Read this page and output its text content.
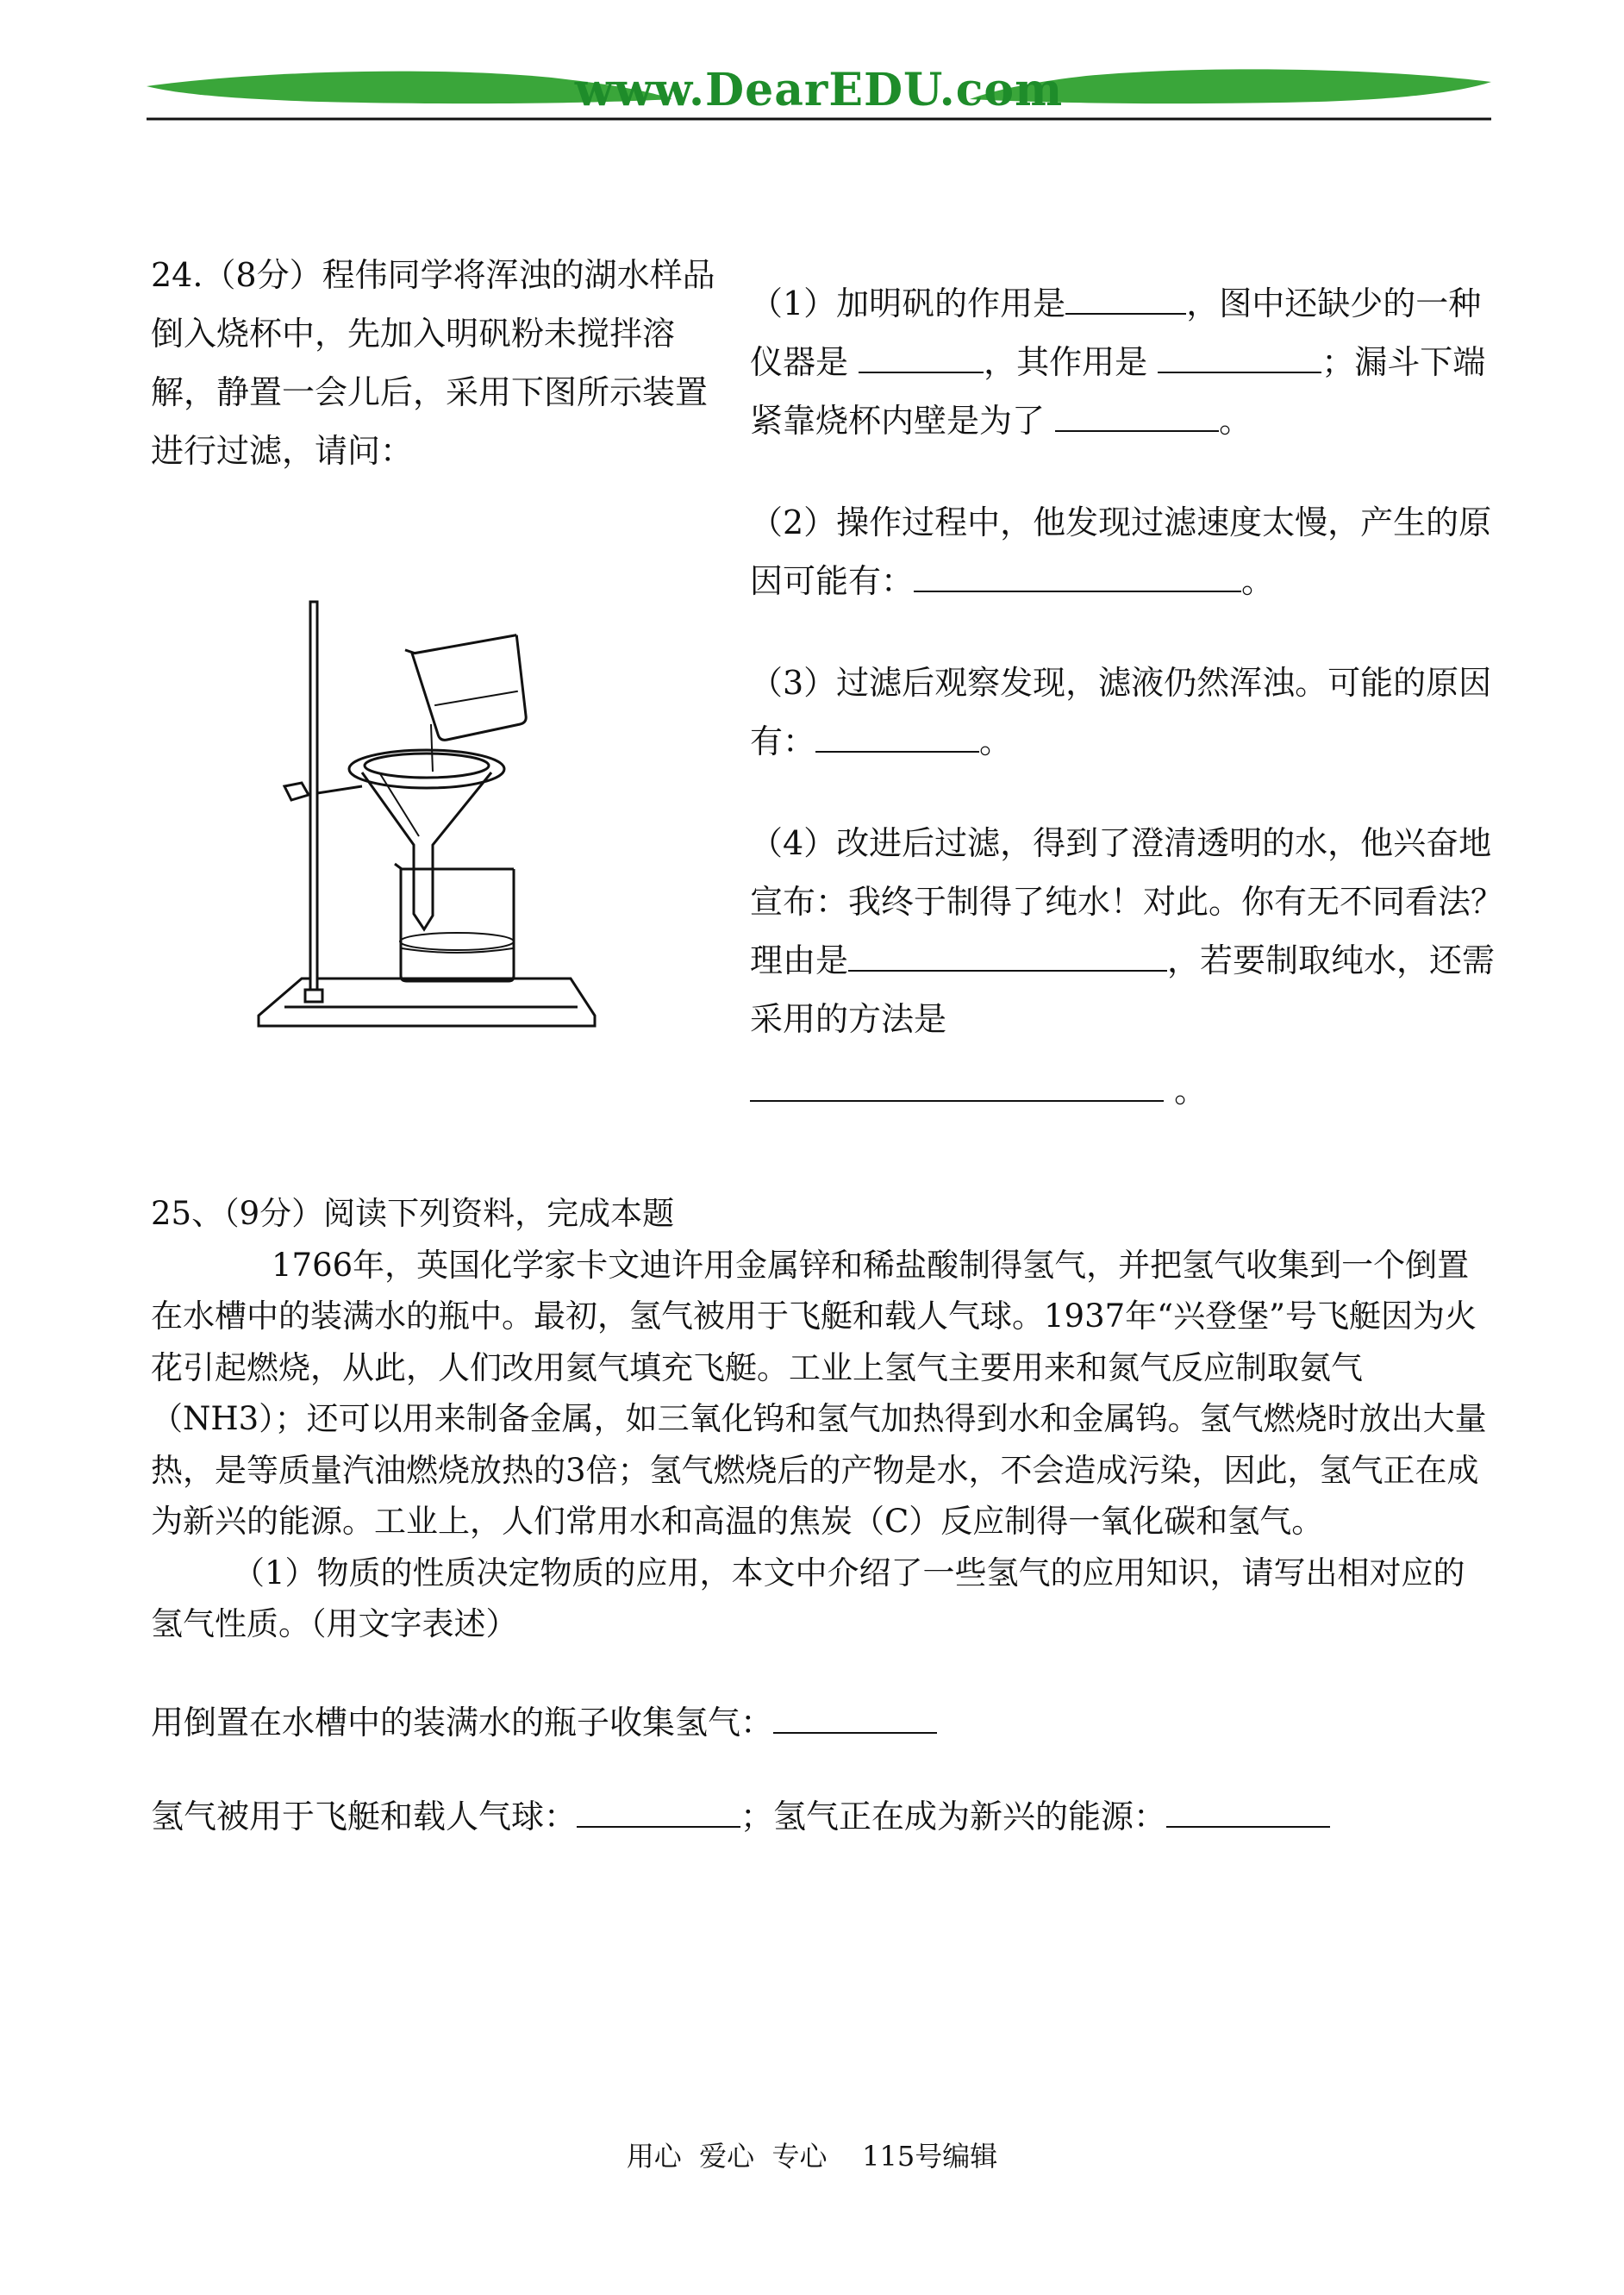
www.DearEDU.com
24.（8分）程伟同学将浑浊的湖水样品倒入烧杯中，先加入明矾粉未搅拌溶解，静置一会儿后，采用下图所示装置进行过滤，请问：

（1）加明矾的作用是	，图中还缺少的一种仪器是	，其作用是	；漏斗下端紧靠烧杯内壁是为了	。

（2）操作过程中，他发现过滤速度太慢，产生的原因可能有：	。

（3）过滤后观察发现，滤液仍然浑浊。可能的原因有：	。

（4）改进后过滤，得到了澄清透明的水，他兴奋地宣布：我终于制得了纯水！对此。你有无不同看法？理由是	，若要制取纯水，还需采用的方法是
。

25、（9分）阅读下列资料，完成本题

1766年，英国化学家卡文迪许用金属锌和稀盐酸制得氢气，并把氢气收集到一个倒置在水槽中的装满水的瓶中。最初，氢气被用于飞艇和载人气球。1937年“兴登堡”号飞艇因为火花引起燃烧，从此，人们改用氦气填充飞艇。工业上氢气主要用来和氮气反应制取氨气（NH3）；还可以用来制备金属，如三氧化钨和氢气加热得到水和金属钨。氢气燃烧时放出大量热，是等质量汽油燃烧放热的3倍；氢气燃烧后的产物是水，不会造成污染，因此，氢气正在成为新兴的能源。工业上，人们常用水和高温的焦炭（C）反应制得一氧化碳和氢气。

（1）物质的性质决定物质的应用，本文中介绍了一些氢气的应用知识，请写出相对应的氢气性质。（用文字表述）

用倒置在水槽中的装满水的瓶子收集氢气：

氢气被用于飞艇和载人气球：	；氢气正在成为新兴的能源：

用心  爱心  专心    115号编辑
